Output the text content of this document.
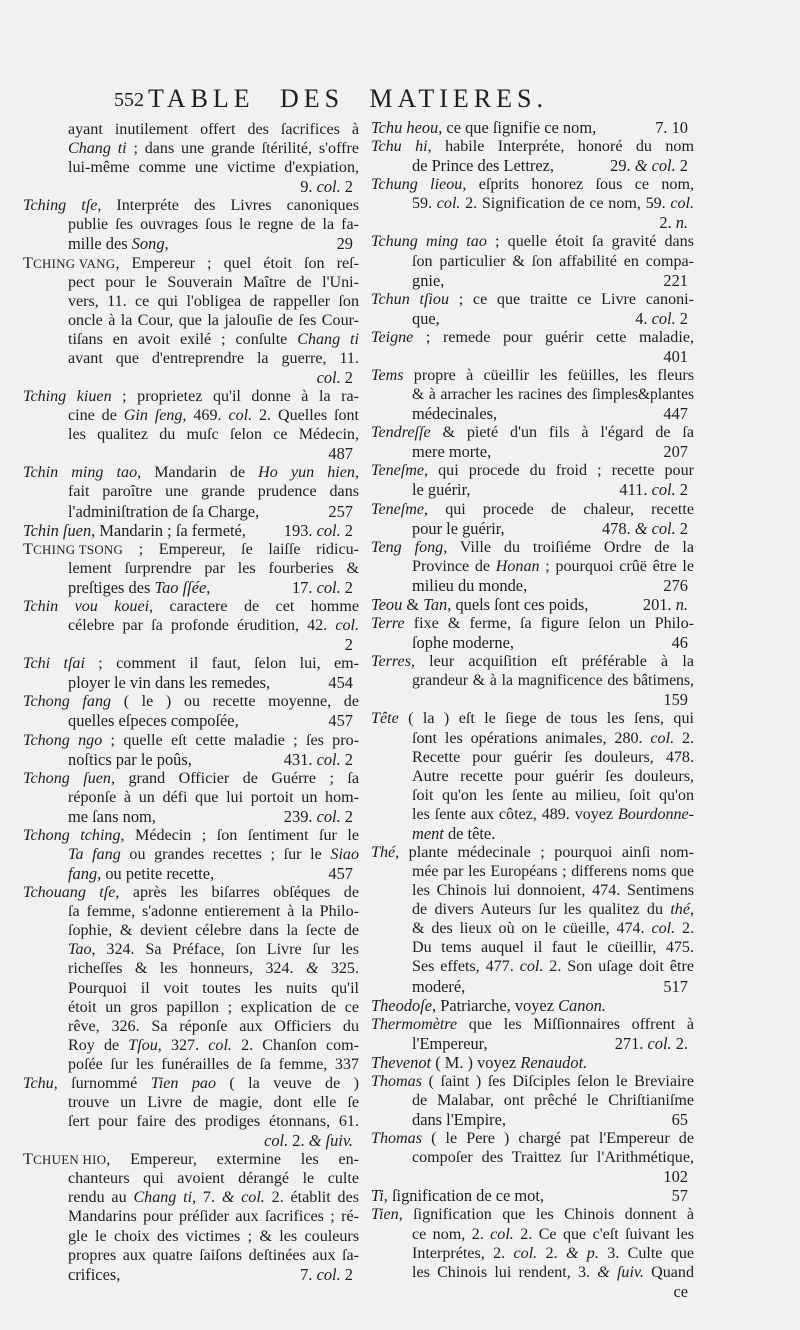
552 TABLE DES MATIERES.
ayant inutilement offert des ſacrifices à
Chang ti ; dans une grande ſtérilité, s'offre
lui-même comme une victime d'expiation,
9. col. 2
Tching tſe, Interpréte des Livres canoniques
publie ſes ouvrages ſous le regne de la fa-
mille des Song,	29
TCHING VANG, Empereur ; quel étoit ſon reſ-
pect pour le Souverain Maître de l'Uni-
vers, 11. ce qui l'obligea de rappeller ſon
oncle à la Cour, que la jalouſie de ſes Cour-
tiſans en avoit exilé ; conſulte Chang ti
avant que d'entreprendre la guerre, 11.
col. 2
Tching kiuen ; proprietez qu'il donne à la ra-
cine de Gin ſeng, 469. col. 2. Quelles ſont
les qualitez du muſc ſelon ce Médecin,
487
Tchin ming tao, Mandarin de Ho yun hien,
fait paroître une grande prudence dans
l'adminiſtration de ſa Charge,	257
Tchin ſuen, Mandarin ; ſa fermeté, 193. col. 2
TCHING TSONG ; Empereur, ſe laiſſe ridicu-
lement ſurprendre par les fourberies &
preſtiges des Tao ſſée,	17. col. 2
Tchin vou kouei, caractere de cet homme
célebre par ſa profonde érudition, 42. col.
2
Tchi tſai ; comment il faut, ſelon lui, em-
ployer le vin dans les remedes,	454
Tchong fang ( le ) ou recette moyenne, de
quelles eſpeces compoſée,	457
Tchong ngo ; quelle eſt cette maladie ; ſes pro-
noſtics par le poûs,	431. col. 2
Tchong ſuen, grand Officier de Guérre ; ſa
réponſe à un défi que lui portoit un hom-
me ſans nom,	239. col. 2
Tchong tching, Médecin ; ſon ſentiment ſur le
Ta fang ou grandes recettes ; ſur le Siao
fang, ou petite recette,	457
Tchouang tſe, après les biſarres obſéques de
ſa femme, s'adonne entierement à la Philo-
ſophie, & devient célebre dans la ſecte de
Tao, 324. Sa Préface, ſon Livre ſur les
richeſſes & les honneurs, 324. & 325.
Pourquoi il voit toutes les nuits qu'il
étoit un gros papillon ; explication de ce
rêve, 326. Sa réponſe aux Officiers du
Roy de Tſou, 327. col. 2. Chanſon com-
poſée ſur les funérailles de ſa femme, 337
Tchu, ſurnommé Tien pao ( la veuve de )
trouve un Livre de magie, dont elle ſe
ſert pour faire des prodiges étonnans, 61.
col. 2. & ſuiv.
TCHUEN HIO, Empereur, extermine les en-
chanteurs qui avoient dérangé le culte
rendu au Chang ti, 7. & col. 2. établit des
Mandarins pour préſider aux ſacrifices ; ré-
gle le choix des victimes ; & les couleurs
propres aux quatre ſaiſons deſtinées aux ſa-
crifices,	7. col. 2
Tchu heou, ce que ſignifie ce nom,	7. 10
Tchu hi, habile Interpréte, honoré du nom
de Prince des Lettrez,	29. & col. 2
Tchung lieou, eſprits honorez ſous ce nom,
59. col. 2. Signification de ce nom, 59. col.
2. n.
Tchung ming tao ; quelle étoit ſa gravité dans
ſon particulier & ſon affabilité en compa-
gnie,	221
Tchun tſiou ; ce que traitte ce Livre canoni-
que,	4. col. 2
Teigne ; remede pour guérir cette maladie,
401
Tems propre à cüeillir les feüilles, les fleurs
& à arracher les racines des ſimples&plantes
médecinales,	447
Tendreſſe & pieté d'un fils à l'égard de ſa
mere morte,	207
Teneſme, qui procede du froid ; recette pour
le guérir,	411. col. 2
Teneſme, qui procede de chaleur, recette
pour le guérir,	478. & col. 2
Teng fong, Ville du troiſiéme Ordre de la
Province de Honan ; pourquoi crûë être le
milieu du monde,	276
Teou & Tan, quels ſont ces poids,	201. n.
Terre fixe & ferme, ſa figure ſelon un Philo-
ſophe moderne,	46
Terres, leur acquiſition eſt préférable à la
grandeur & à la magnificence des bâtimens,
159
Tête ( la ) eſt le ſiege de tous les ſens, qui
ſont les opérations animales, 280. col. 2.
Recette pour guérir ſes douleurs, 478.
Autre recette pour guérir ſes douleurs,
ſoit qu'on les ſente au milieu, ſoit qu'on
les ſente aux côtez, 489. voyez Bourdonne-
ment de tête.
Thé, plante médecinale ; pourquoi ainſi nom-
mée par les Européans ; differens noms que
les Chinois lui donnoient, 474. Sentimens
de divers Auteurs ſur les qualitez du thé,
& des lieux où on le cüeille, 474. col. 2.
Du tems auquel il faut le cüeillir, 475.
Ses effets, 477. col. 2. Son uſage doit être
moderé,	517
Theodoſe, Patriarche, voyez Canon.
Thermomètre que les Miſſionnaires offrent à
l'Empereur,	271. col. 2.
Thevenot ( M. ) voyez Renaudot.
Thomas ( ſaint ) ſes Diſciples ſelon le Breviaire
de Malabar, ont prêché le Chriſtianiſme
dans l'Empire,	65
Thomas ( le Pere ) chargé pat l'Empereur de
compoſer des Traittez ſur l'Arithmétique,
102
Ti, ſignification de ce mot,	57
Tien, ſignification que les Chinois donnent à
ce nom, 2. col. 2. Ce que c'eſt ſuivant les
Interprétes, 2. col. 2. & p. 3. Culte que
les Chinois lui rendent, 3. & ſuiv. Quand
ce
